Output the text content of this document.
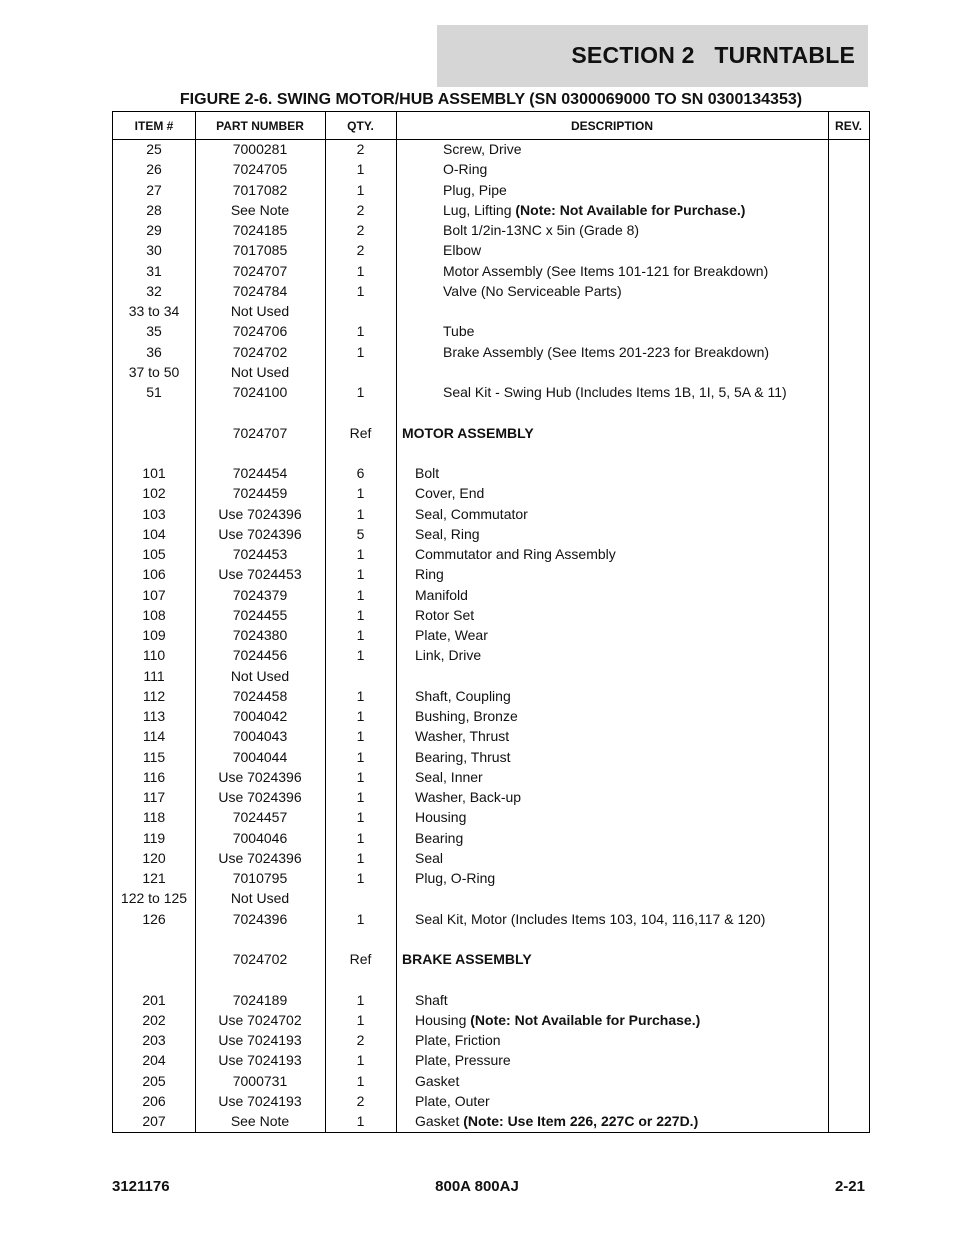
SECTION 2   TURNTABLE
FIGURE 2-6. SWING MOTOR/HUB ASSEMBLY (SN 0300069000 TO SN 0300134353)
ITEM #	PART NUMBER	QTY.	DESCRIPTION	REV.
25	7000281	2	Screw, Drive
26	7024705	1	O-Ring
27	7017082	1	Plug, Pipe
28	See Note	2	Lug, Lifting (Note: Not Available for Purchase.)
29	7024185	2	Bolt 1/2in-13NC x 5in (Grade 8)
30	7017085	2	Elbow
31	7024707	1	Motor Assembly (See Items 101-121 for Breakdown)
32	7024784	1	Valve (No Serviceable Parts)
33 to 34	Not Used
35	7024706	1	Tube
36	7024702	1	Brake Assembly (See Items 201-223 for Breakdown)
37 to 50	Not Used
51	7024100	1	Seal Kit - Swing Hub (Includes Items 1B, 1I, 5, 5A & 11)
7024707	Ref	MOTOR ASSEMBLY
101	7024454	6	Bolt
102	7024459	1	Cover, End
103	Use 7024396	1	Seal, Commutator
104	Use 7024396	5	Seal, Ring
105	7024453	1	Commutator and Ring Assembly
106	Use 7024453	1	Ring
107	7024379	1	Manifold
108	7024455	1	Rotor Set
109	7024380	1	Plate, Wear
110	7024456	1	Link, Drive
111	Not Used
112	7024458	1	Shaft, Coupling
113	7004042	1	Bushing, Bronze
114	7004043	1	Washer, Thrust
115	7004044	1	Bearing, Thrust
116	Use 7024396	1	Seal, Inner
117	Use 7024396	1	Washer, Back-up
118	7024457	1	Housing
119	7004046	1	Bearing
120	Use 7024396	1	Seal
121	7010795	1	Plug, O-Ring
122 to 125	Not Used
126	7024396	1	Seal Kit, Motor (Includes Items 103, 104, 116,117 & 120)
7024702	Ref	BRAKE ASSEMBLY
201	7024189	1	Shaft
202	Use 7024702	1	Housing (Note: Not Available for Purchase.)
203	Use 7024193	2	Plate, Friction
204	Use 7024193	1	Plate, Pressure
205	7000731	1	Gasket
206	Use 7024193	2	Plate, Outer
207	See Note	1	Gasket (Note: Use Item 226, 227C or 227D.)
3121176	800A 800AJ	2-21
